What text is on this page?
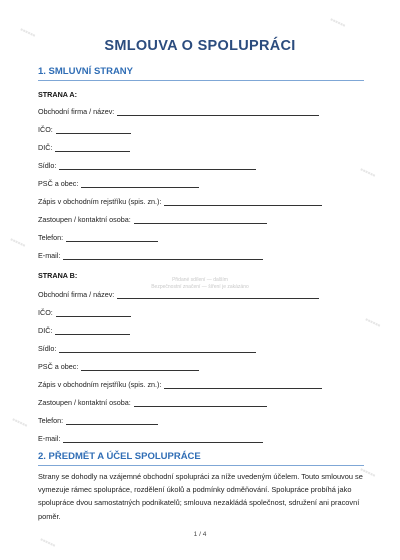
▪▪▪▪▪▪
▪▪▪▪▪▪
▪▪▪▪▪▪
▪▪▪▪▪▪
▪▪▪▪▪▪
▪▪▪▪▪▪
▪▪▪▪▪▪
▪▪▪▪▪▪
SMLOUVA O SPOLUPRÁCI
1. SMLUVNÍ STRANY
STRANA A:
Obchodní firma / název:
IČO:
DIČ:
Sídlo:
PSČ a obec:
Zápis v obchodním rejstříku (spis. zn.):
Zastoupen / kontaktní osoba:
Telefon:
E-mail:
Přidané sdílení — dalším
Bezpečnostní značení — šíření je zakázáno
STRANA B:
Obchodní firma / název:
IČO:
DIČ:
Sídlo:
PSČ a obec:
Zápis v obchodním rejstříku (spis. zn.):
Zastoupen / kontaktní osoba:
Telefon:
E-mail:
2. PŘEDMĚT A ÚČEL SPOLUPRÁCE
Strany se dohodly na vzájemné obchodní spolupráci za níže uvedeným účelem. Touto smlouvou se vymezuje rámec spolupráce, rozdělení úkolů a podmínky odměňování. Spolupráce probíhá jako spolupráce dvou samostatných podnikatelů; smlouva nezakládá společnost, sdružení ani pracovní poměr.
1 / 4
